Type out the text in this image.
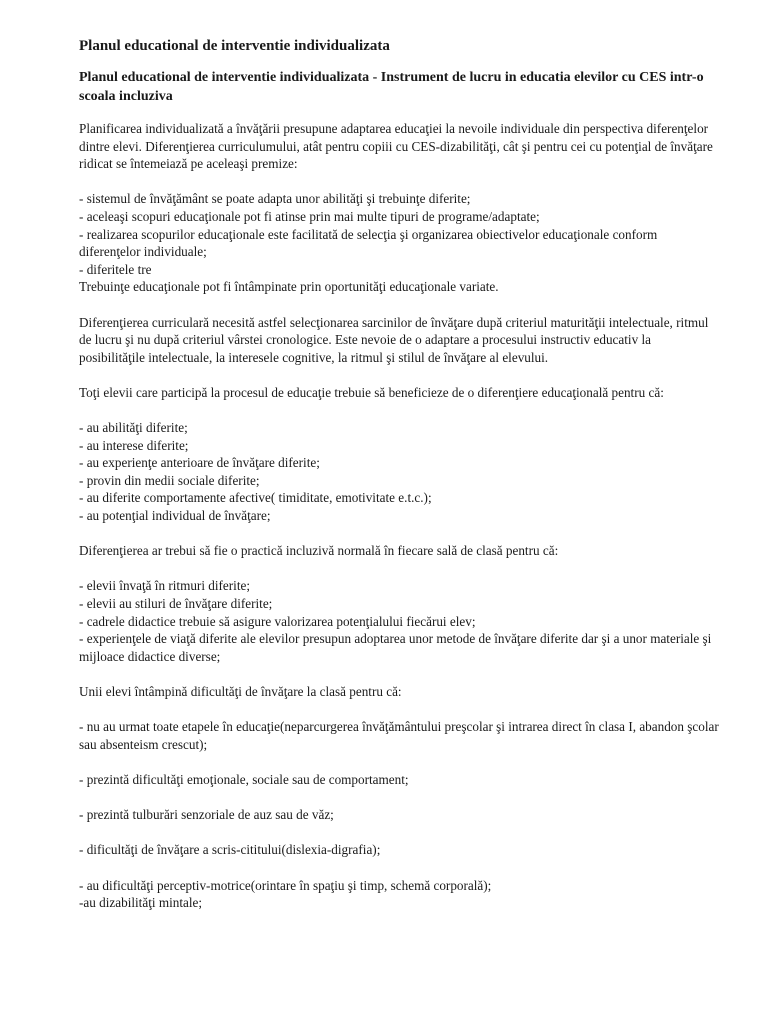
Planul educational de interventie individualizata
Planul educational de interventie individualizata - Instrument de lucru in educatia elevilor cu CES intr-o scoala incluziva
Planificarea individualizată a învăţării presupune adaptarea educaţiei la nevoile individuale din perspectiva diferenţelor dintre elevi. Diferenţierea curriculumului, atât pentru copiii cu CES-dizabilităţi, cât şi pentru cei cu potenţial de învăţare ridicat se întemeiază pe aceleaşi premize:
- sistemul de învăţământ se poate adapta unor abilităţi şi trebuinţe diferite;
- aceleaşi scopuri educaţionale pot fi atinse prin mai multe tipuri de programe/adaptate;
- realizarea scopurilor educaţionale este facilitată de selecţia şi organizarea obiectivelor educaţionale conform diferenţelor individuale;
- diferitele tre
Trebuinţe educaţionale pot fi întâmpinate prin oportunităţi educaţionale variate.
Diferenţierea curriculară necesită astfel selecţionarea sarcinilor de învăţare după criteriul maturităţii intelectuale, ritmul de lucru şi nu după criteriul vârstei cronologice. Este nevoie de o adaptare a procesului instructiv educativ la posibilităţile intelectuale, la interesele cognitive, la ritmul şi stilul de învăţare al elevului.
Toţi elevii care participă la procesul de educaţie trebuie să beneficieze de o diferenţiere educaţională pentru că:
- au abilităţi diferite;
- au interese diferite;
- au experienţe anterioare de învăţare diferite;
- provin din medii sociale diferite;
- au diferite comportamente afective( timiditate, emotivitate e.t.c.);
- au potenţial individual de învăţare;
Diferenţierea ar trebui să fie o practică incluzivă normală în fiecare sală de clasă pentru că:
- elevii învaţă în ritmuri diferite;
- elevii au stiluri de învăţare diferite;
- cadrele didactice trebuie să asigure valorizarea potenţialului fiecărui elev;
- experienţele de viaţă diferite ale elevilor presupun adoptarea unor metode de învăţare diferite dar şi a unor materiale şi mijloace didactice diverse;
Unii elevi întâmpină dificultăţi de învăţare la clasă pentru că:
- nu au urmat toate etapele în educaţie(neparcurgerea învăţământului preşcolar şi intrarea direct în clasa I, abandon şcolar sau absenteism crescut);
- prezintă dificultăţi emoţionale, sociale sau de comportament;
- prezintă tulburări senzoriale de auz sau de văz;
- dificultăţi de învăţare a scris-cititului(dislexia-digrafia);
- au dificultăţi perceptiv-motrice(orintare în spaţiu şi timp, schemă corporală);
-au dizabilităţi mintale;
